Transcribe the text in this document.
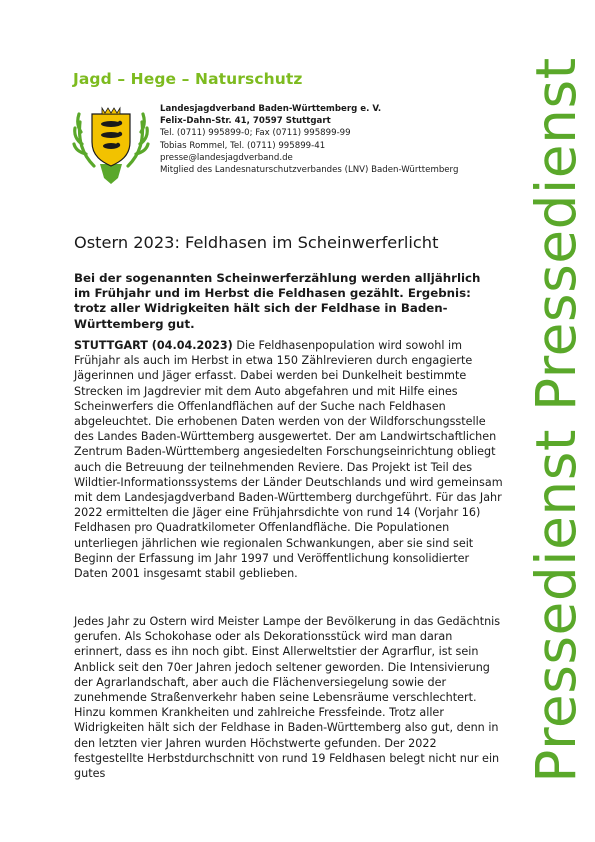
Jagd – Hege – Naturschutz
Landesjagdverband Baden-Württemberg e. V.
Felix-Dahn-Str. 41, 70597 Stuttgart
Tel. (0711) 995899-0; Fax (0711) 995899-99
Tobias Rommel, Tel. (0711) 995899-41
presse@landesjagdverband.de
Mitglied des Landesnaturschutzverbandes (LNV) Baden-Württemberg
Ostern 2023: Feldhasen im Scheinwerferlicht
Bei der sogenannten Scheinwerferzählung werden alljährlich im Frühjahr und im Herbst die Feldhasen gezählt. Ergebnis: trotz aller Widrigkeiten hält sich der Feldhase in Baden-Württemberg gut.
STUTTGART (04.04.2023) Die Feldhasenpopulation wird sowohl im Frühjahr als auch im Herbst in etwa 150 Zählrevieren durch engagierte Jägerinnen und Jäger erfasst. Dabei werden bei Dunkelheit bestimmte Strecken im Jagdrevier mit dem Auto abgefahren und mit Hilfe eines Scheinwerfers die Offenlandflächen auf der Suche nach Feldhasen abgeleuchtet. Die erhobenen Daten werden von der Wildforschungsstelle des Landes Baden-Württemberg ausgewertet. Der am Landwirtschaftlichen Zentrum Baden-Württemberg angesiedelten Forschungseinrichtung obliegt auch die Betreuung der teilnehmenden Reviere. Das Projekt ist Teil des Wildtier-Informationssystems der Länder Deutschlands und wird gemeinsam mit dem Landesjagdverband Baden-Württemberg durchgeführt. Für das Jahr 2022 ermittelten die Jäger eine Frühjahrsdichte von rund 14 (Vorjahr 16) Feldhasen pro Quadratkilometer Offenlandfläche. Die Populationen unterliegen jährlichen wie regionalen Schwankungen, aber sie sind seit Beginn der Erfassung im Jahr 1997 und Veröffentlichung konsolidierter Daten 2001 insgesamt stabil geblieben.
Jedes Jahr zu Ostern wird Meister Lampe der Bevölkerung in das Gedächtnis gerufen. Als Schokohase oder als Dekorationsstück wird man daran erinnert, dass es ihn noch gibt. Einst Allerweltstier der Agrarflur, ist sein Anblick seit den 70er Jahren jedoch seltener geworden. Die Intensivierung der Agrarlandschaft, aber auch die Flächenversiegelung sowie der zunehmende Straßenverkehr haben seine Lebensräume verschlechtert. Hinzu kommen Krankheiten und zahlreiche Fressfeinde. Trotz aller Widrigkeiten hält sich der Feldhase in Baden-Württemberg also gut, denn in den letzten vier Jahren wurden Höchstwerte gefunden. Der 2022 festgestellte Herbstdurchschnitt von rund 19 Feldhasen belegt nicht nur ein gutes	Pressedienst Pressedienst
